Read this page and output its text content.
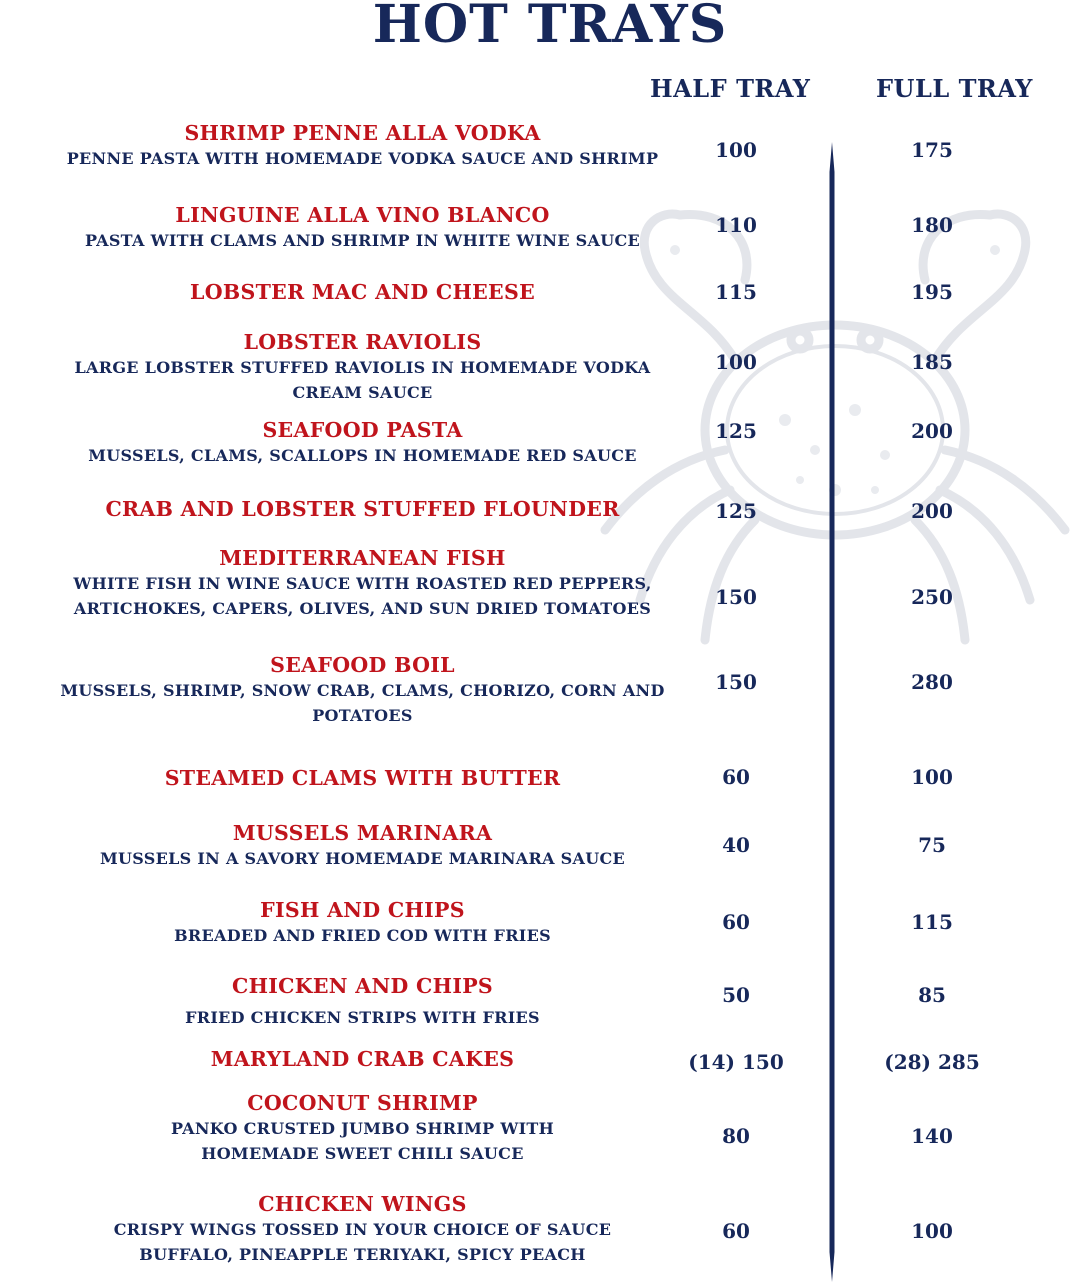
HOT TRAYS
HALF TRAY	FULL TRAY
SHRIMP PENNE ALLA VODKA
PENNE PASTA WITH HOMEMADE VODKA SAUCE AND SHRIMP	100	175
LINGUINE ALLA VINO BLANCO
PASTA WITH CLAMS AND SHRIMP IN WHITE WINE SAUCE
110	180
LOBSTER MAC AND CHEESE	115	195
LOBSTER RAVIOLIS
LARGE LOBSTER STUFFED RAVIOLIS IN HOMEMADE VODKA CREAM SAUCE
100	185
SEAFOOD PASTA
MUSSELS, CLAMS, SCALLOPS IN HOMEMADE RED SAUCE
125	200
CRAB AND LOBSTER STUFFED FLOUNDER	125	200
MEDITERRANEAN FISH
WHITE FISH IN WINE SAUCE WITH ROASTED RED PEPPERS, ARTICHOKES, CAPERS, OLIVES, AND SUN DRIED TOMATOES	150	250
SEAFOOD BOIL
MUSSELS, SHRIMP, SNOW CRAB, CLAMS, CHORIZO, CORN AND POTATOES
150	280
STEAMED CLAMS WITH BUTTER	60	100
MUSSELS MARINARA
MUSSELS IN A SAVORY HOMEMADE MARINARA SAUCE
40	75
FISH AND CHIPS
BREADED AND FRIED COD WITH FRIES
60	115
CHICKEN AND CHIPS
FRIED CHICKEN STRIPS WITH FRIES
50	85
MARYLAND CRAB CAKES	(14) 150	(28) 285
COCONUT SHRIMP
PANKO CRUSTED JUMBO SHRIMP WITH HOMEMADE SWEET CHILI SAUCE
80	140
CHICKEN WINGS
CRISPY WINGS TOSSED IN YOUR CHOICE OF SAUCE BUFFALO, PINEAPPLE TERIYAKI, SPICY PEACH
60	100
